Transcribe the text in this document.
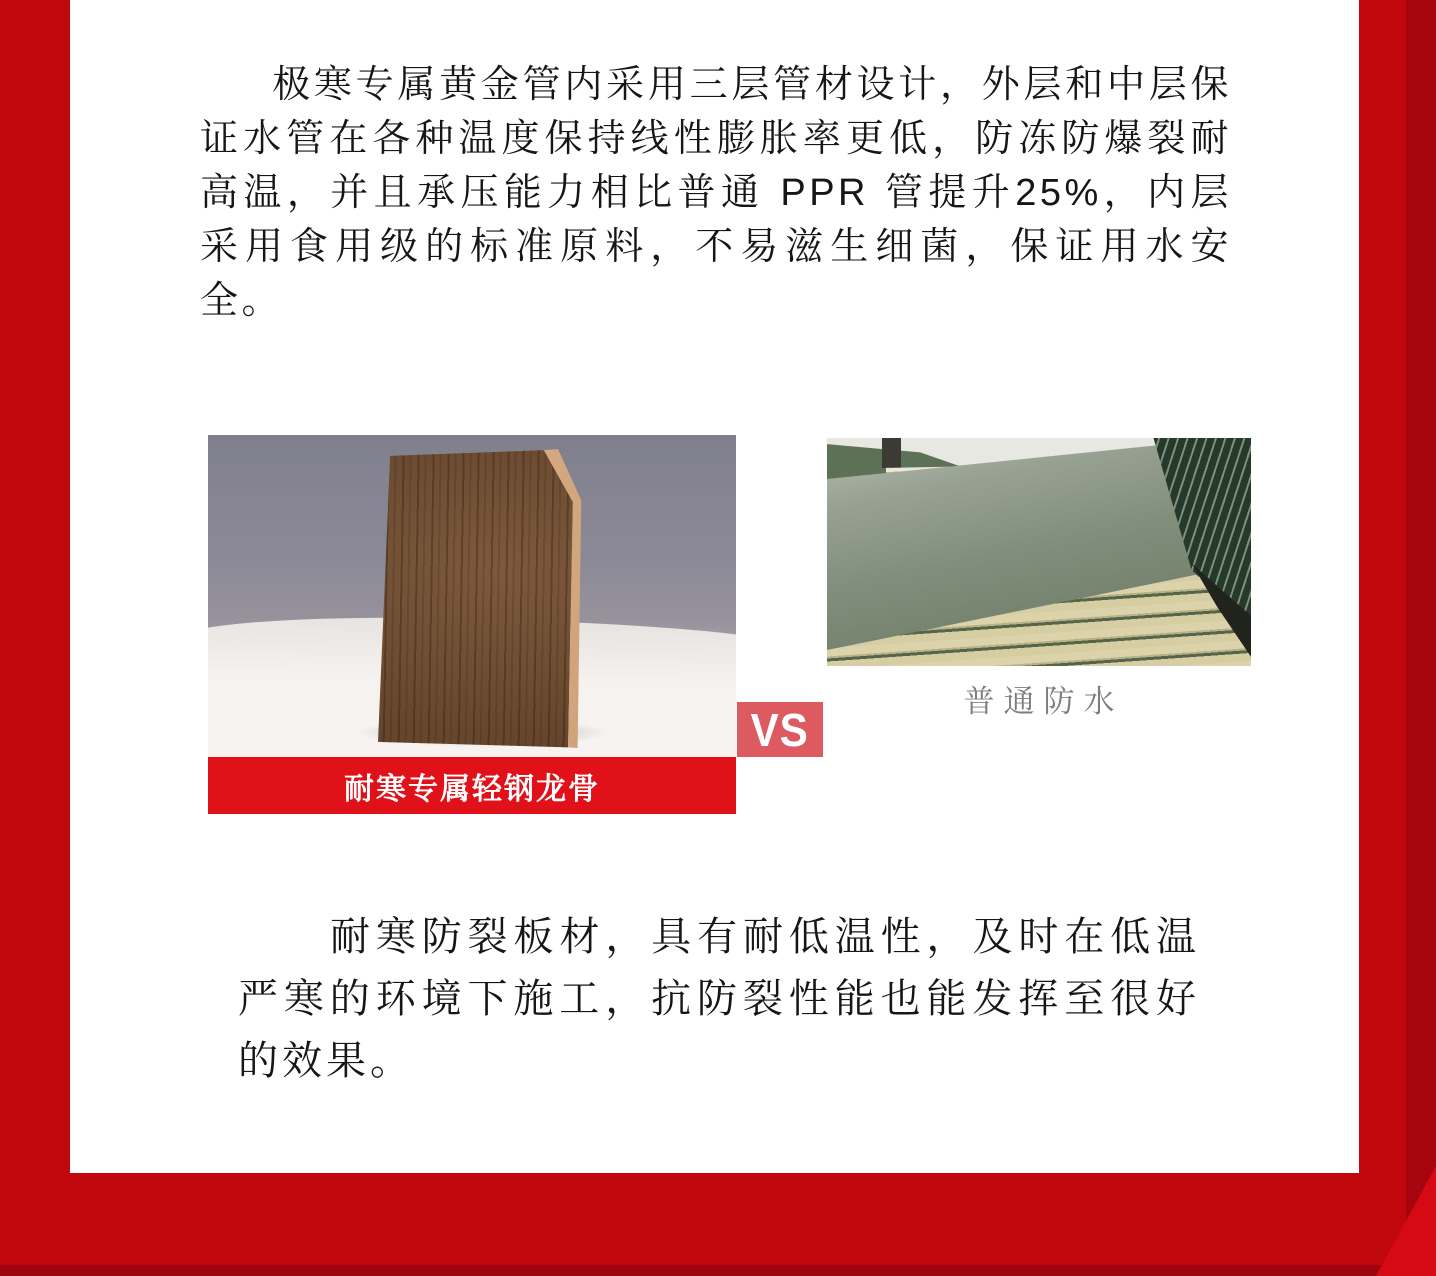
极寒专属黄金管内采用三层管材设计，外层和中层保证水管在各种温度保持线性膨胀率更低，防冻防爆裂耐高温，并且承压能力相比普通 PPR 管提升25%，内层采用食用级的标准原料，不易滋生细菌，保证用水安全。

耐寒专属轻钢龙骨
VS
普通防水

耐寒防裂板材，具有耐低温性，及时在低温严寒的环境下施工，抗防裂性能也能发挥至很好的效果。
